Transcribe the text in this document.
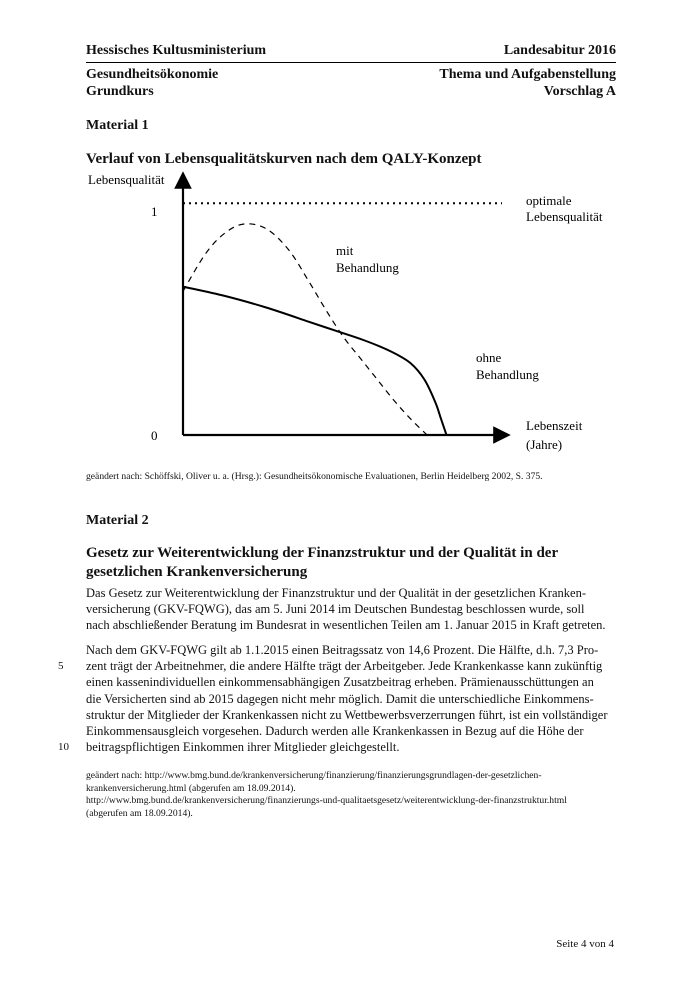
Hessisches Kultusministerium	Landesabitur 2016
Gesundheitsökonomie	Thema und Aufgabenstellung
Grundkurs	Vorschlag A
Material 1
Verlauf von Lebensqualitätskurven nach dem QALY-Konzept
Lebensqualität
1
0
Lebenszeit
(Jahre)
optimale
Lebensqualität
mit
Behandlung
ohne
Behandlung
geändert nach: Schöffski, Oliver u. a. (Hrsg.): Gesundheitsökonomische Evaluationen, Berlin Heidelberg 2002, S. 375.
Material 2
Gesetz zur Weiterentwicklung der Finanzstruktur und der Qualität in der
gesetzlichen Krankenversicherung
Das Gesetz zur Weiterentwicklung der Finanzstruktur und der Qualität in der gesetzlichen Kranken-
versicherung (GKV-FQWG), das am 5. Juni 2014 im Deutschen Bundestag beschlossen wurde, soll
nach abschließender Beratung im Bundesrat in wesentlichen Teilen am 1. Januar 2015 in Kraft getreten.
Nach dem GKV-FQWG gilt ab 1.1.2015 einen Beitragssatz von 14,6 Prozent. Die Hälfte, d.h. 7,3 Pro-
zent trägt der Arbeitnehmer, die andere Hälfte trägt der Arbeitgeber. Jede Krankenkasse kann zukünftig
einen kassenindividuellen einkommensabhängigen Zusatzbeitrag erheben. Prämienausschüttungen an
die Versicherten sind ab 2015 dagegen nicht mehr möglich. Damit die unterschiedliche Einkommens-
struktur der Mitglieder der Krankenkassen nicht zu Wettbewerbsverzerrungen führt, ist ein vollständiger
Einkommensausgleich vorgesehen. Dadurch werden alle Krankenkassen in Bezug auf die Höhe der
beitragspflichtigen Einkommen ihrer Mitglieder gleichgestellt.
5
10
geändert nach: http://www.bmg.bund.de/krankenversicherung/finanzierung/finanzierungsgrundlagen-der-gesetzlichen-
krankenversicherung.html (abgerufen am 18.09.2014).
http://www.bmg.bund.de/krankenversicherung/finanzierungs-und-qualitaetsgesetz/weiterentwicklung-der-finanzstruktur.html
(abgerufen am 18.09.2014).
Seite 4 von 4
